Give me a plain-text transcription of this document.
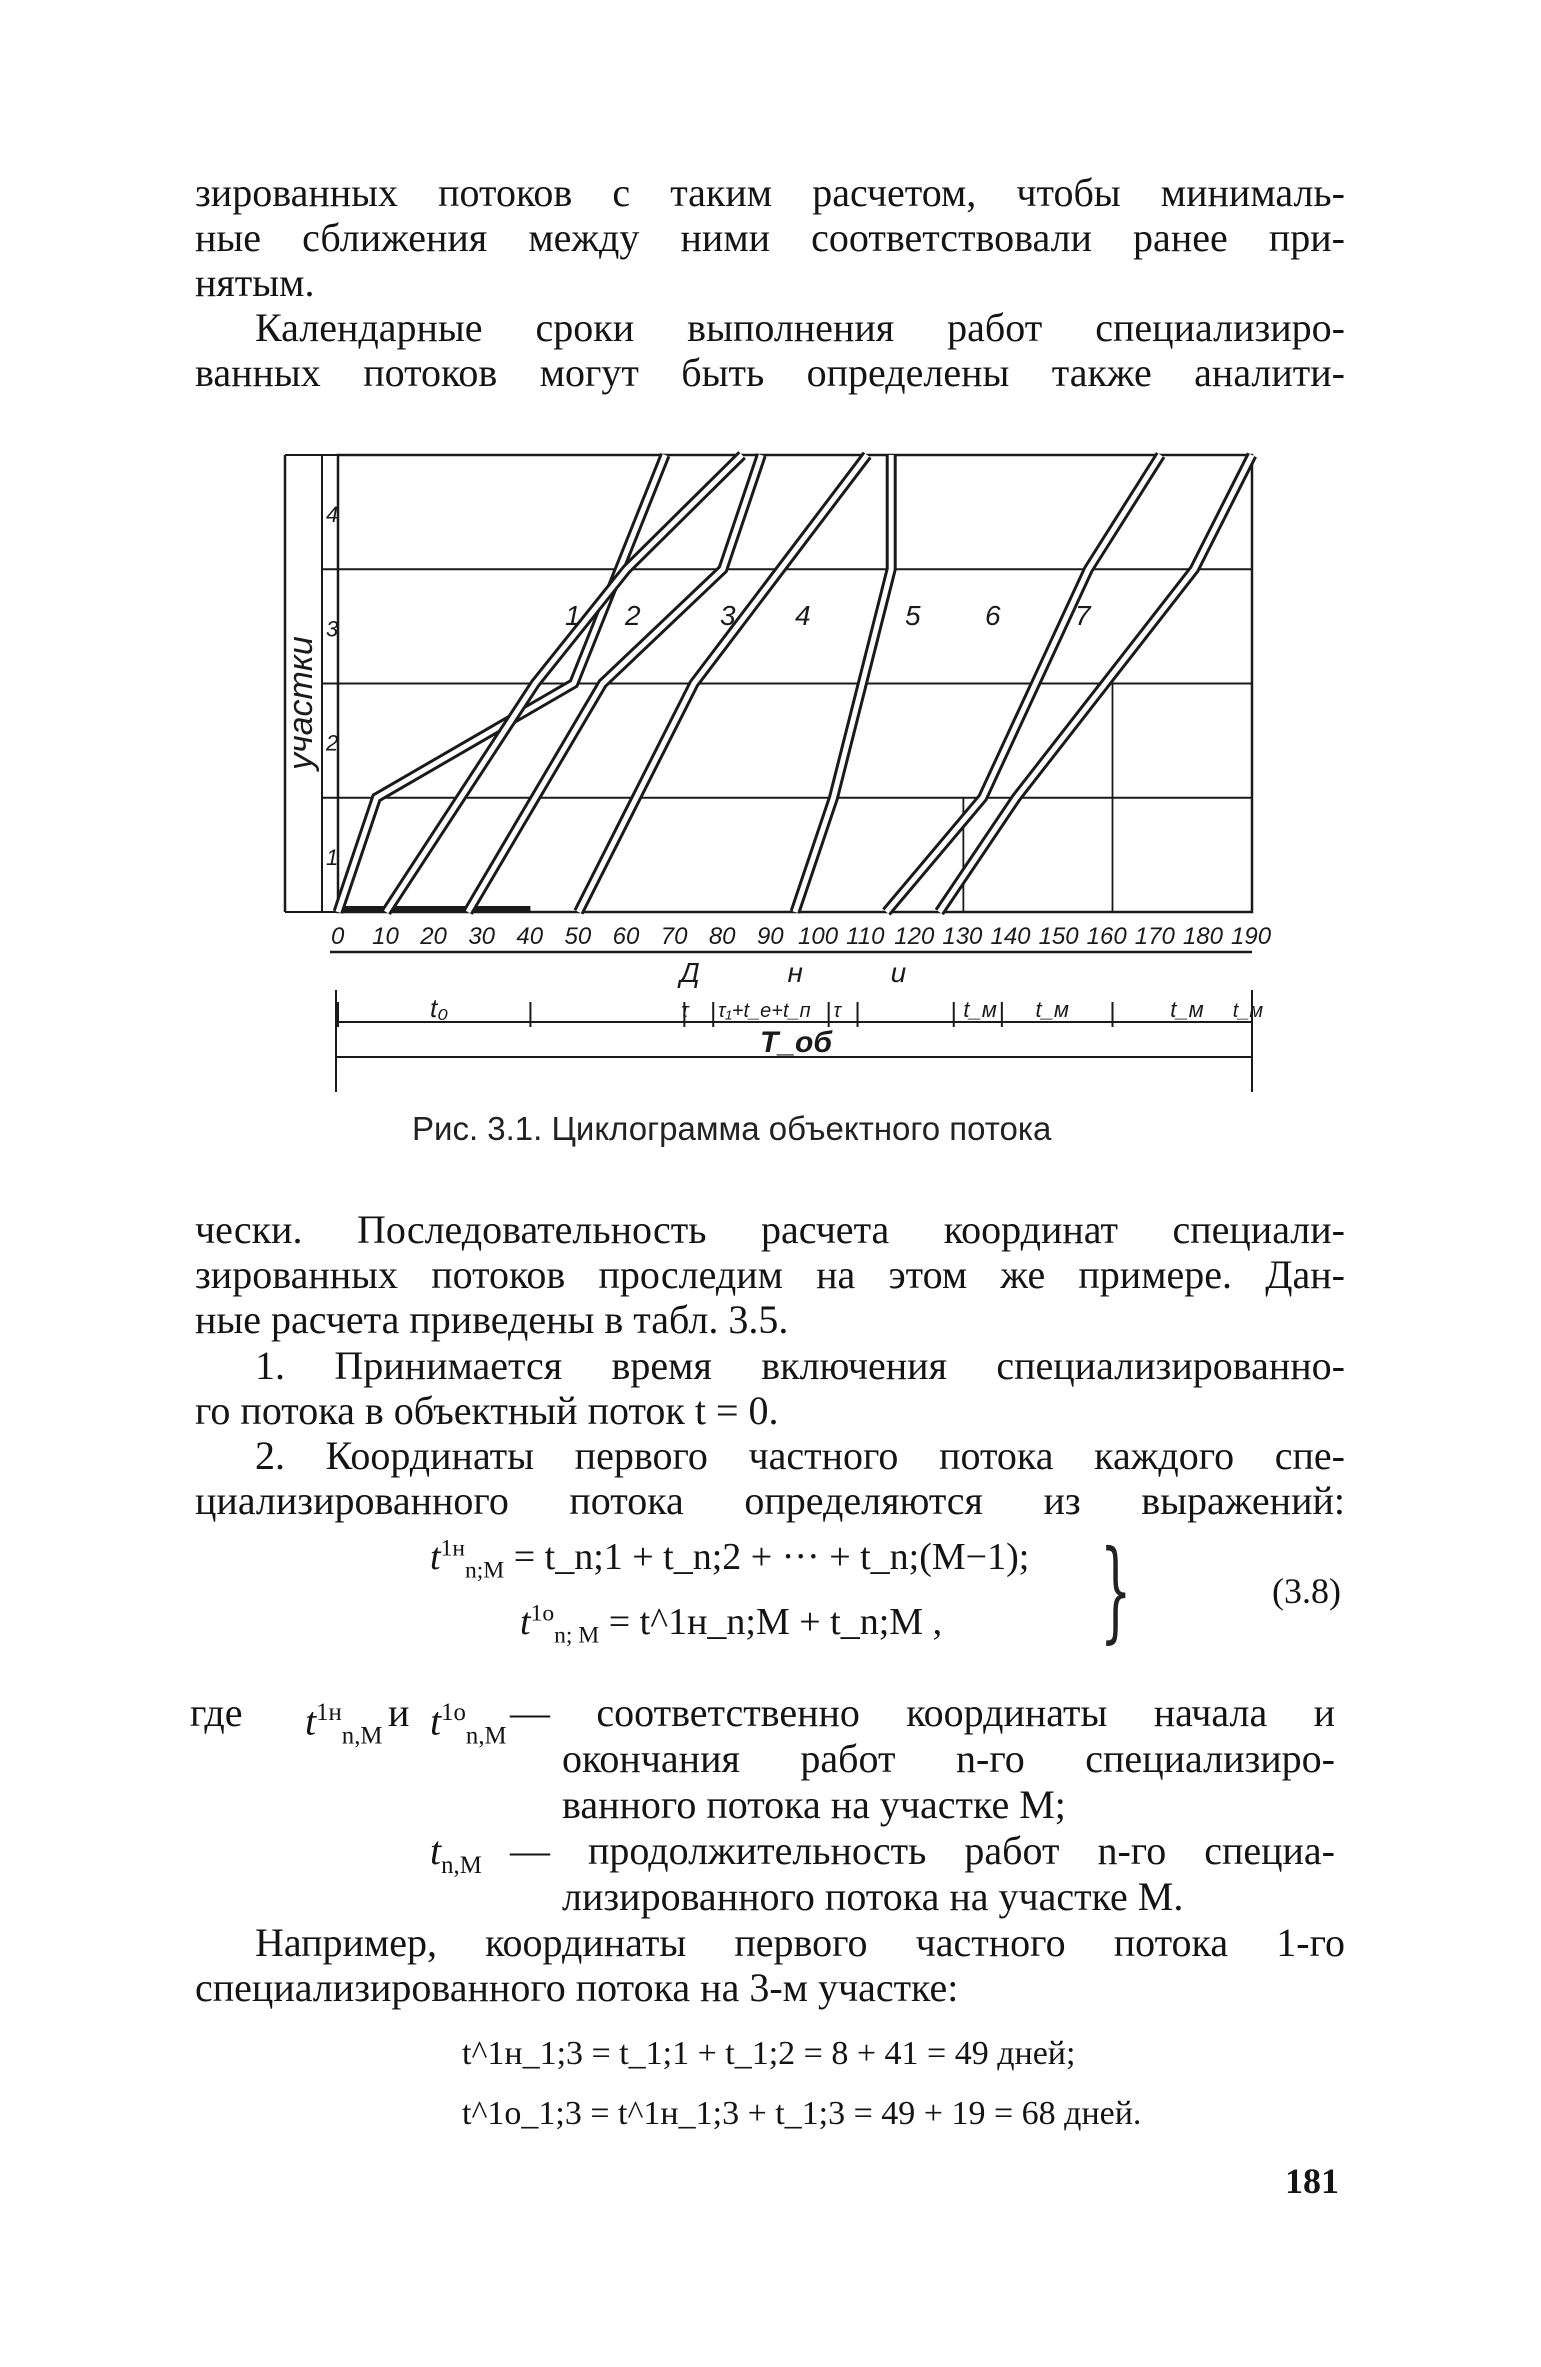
зированных потоков с таким расчетом, чтобы минималь-
ные сближения между ними соответствовали ранее при-
нятым.

Календарные сроки выполнения работ специализиро-
ванных потоков могут быть определены также аналити-

участки
1
2
3
4
0 10 20 30 40 50 60 70 80 90 100 110 120 130 140 150 160 170 180 190
Д н и
1 2	3 4	5 6	7
t₀	τ τ₁+t_e+t_п τ	t_м t_м	t_м t_м
T_об
Рис. 3.1. Циклограмма объектного потока

чески. Последовательность расчета координат специали-
зированных потоков проследим на этом же примере. Дан-
ные расчета приведены в табл. 3.5.

1. Принимается время включения специализированно-
го потока в объектный поток t = 0.

2. Координаты первого частного потока каждого спе-
циализированного потока определяются из выражений:

$t^{1н}_{n;М}$ = t_n;1 + t_n;2 + ··· + t_n;(М−1);
$t^{1о}_{n; М}$ = t^1н_n;М + t_n;М , }	(3.8)
где $t^{1н}_{n,М}$
и $t^{1о}_{n,М}$
— соответственно координаты начала и
окончания работ n-го специализиро-
ванного потока на участке М;
$t_{n,М}$ — продолжительность работ n-го специа-
лизированного потока на участке М.

Например, координаты первого частного потока 1-го
специализированного потока на 3-м участке:

t^1н_1;3 = t_1;1 + t_1;2 = 8 + 41 = 49 дней;
t^1о_1;3 = t^1н_1;3 + t_1;3 = 49 + 19 = 68 дней.
181
